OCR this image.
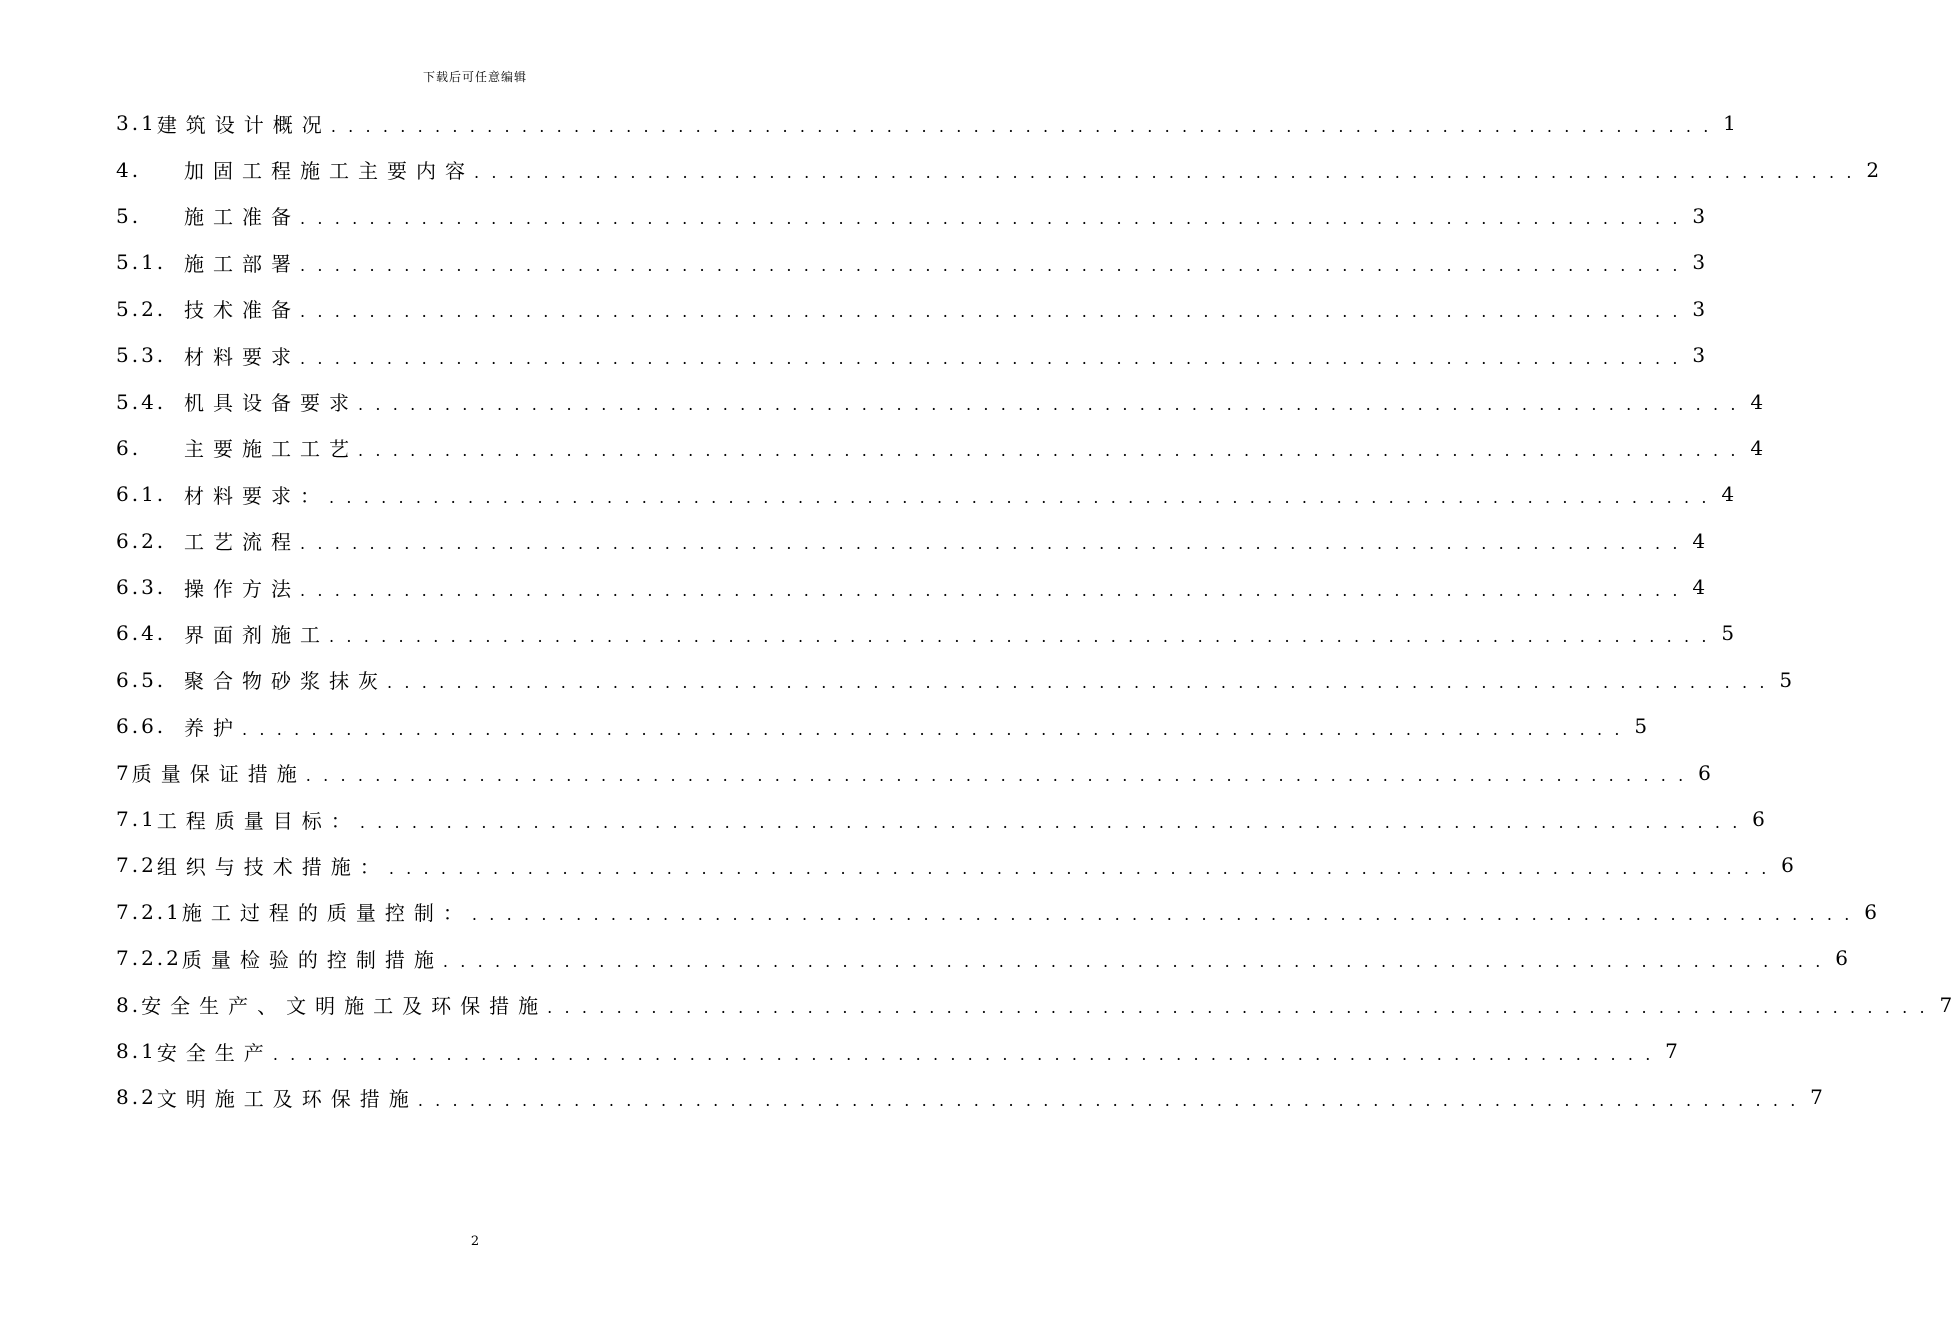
下载后可任意编辑
3.1 建筑设计概况 . . . . . . . . . . . . . . . . . . . . . . . . . . . . . . . . . . . . . . . . . . . . . . . . . . . . . . . . . . . . . . . . . . . . . . . . . . . . . . . . 1
4.	加固工程施工主要内容 . . . . . . . . . . . . . . . . . . . . . . . . . . . . . . . . . . . . . . . . . . . . . . . . . . . . . . . . . . . . . . . . . . . . . . . . . . . . . . . . 2
5.	施工准备 . . . . . . . . . . . . . . . . . . . . . . . . . . . . . . . . . . . . . . . . . . . . . . . . . . . . . . . . . . . . . . . . . . . . . . . . . . . . . . . . 3
5.1. 施工部署 . . . . . . . . . . . . . . . . . . . . . . . . . . . . . . . . . . . . . . . . . . . . . . . . . . . . . . . . . . . . . . . . . . . . . . . . . . . . . . . . 3
5.2. 技术准备 . . . . . . . . . . . . . . . . . . . . . . . . . . . . . . . . . . . . . . . . . . . . . . . . . . . . . . . . . . . . . . . . . . . . . . . . . . . . . . . . 3
5.3. 材料要求 . . . . . . . . . . . . . . . . . . . . . . . . . . . . . . . . . . . . . . . . . . . . . . . . . . . . . . . . . . . . . . . . . . . . . . . . . . . . . . . . 3
5.4. 机具设备要求 . . . . . . . . . . . . . . . . . . . . . . . . . . . . . . . . . . . . . . . . . . . . . . . . . . . . . . . . . . . . . . . . . . . . . . . . . . . . . . . . 4
6.	主要施工工艺 . . . . . . . . . . . . . . . . . . . . . . . . . . . . . . . . . . . . . . . . . . . . . . . . . . . . . . . . . . . . . . . . . . . . . . . . . . . . . . . . 4
6.1. 材料要求： . . . . . . . . . . . . . . . . . . . . . . . . . . . . . . . . . . . . . . . . . . . . . . . . . . . . . . . . . . . . . . . . . . . . . . . . . . . . . . . . 4
6.2. 工艺流程 . . . . . . . . . . . . . . . . . . . . . . . . . . . . . . . . . . . . . . . . . . . . . . . . . . . . . . . . . . . . . . . . . . . . . . . . . . . . . . . . 4
6.3. 操作方法 . . . . . . . . . . . . . . . . . . . . . . . . . . . . . . . . . . . . . . . . . . . . . . . . . . . . . . . . . . . . . . . . . . . . . . . . . . . . . . . . 4
6.4. 界面剂施工 . . . . . . . . . . . . . . . . . . . . . . . . . . . . . . . . . . . . . . . . . . . . . . . . . . . . . . . . . . . . . . . . . . . . . . . . . . . . . . . . 5
6.5. 聚合物砂浆抹灰 . . . . . . . . . . . . . . . . . . . . . . . . . . . . . . . . . . . . . . . . . . . . . . . . . . . . . . . . . . . . . . . . . . . . . . . . . . . . . . . . 5
6.6. 养护 . . . . . . . . . . . . . . . . . . . . . . . . . . . . . . . . . . . . . . . . . . . . . . . . . . . . . . . . . . . . . . . . . . . . . . . . . . . . . . . . 5
7 质量保证措施 . . . . . . . . . . . . . . . . . . . . . . . . . . . . . . . . . . . . . . . . . . . . . . . . . . . . . . . . . . . . . . . . . . . . . . . . . . . . . . . . 6
7.1 工程质量目标： . . . . . . . . . . . . . . . . . . . . . . . . . . . . . . . . . . . . . . . . . . . . . . . . . . . . . . . . . . . . . . . . . . . . . . . . . . . . . . . . 6
7.2 组织与技术措施： . . . . . . . . . . . . . . . . . . . . . . . . . . . . . . . . . . . . . . . . . . . . . . . . . . . . . . . . . . . . . . . . . . . . . . . . . . . . . . . . 6
7.2.1 施工过程的质量控制： . . . . . . . . . . . . . . . . . . . . . . . . . . . . . . . . . . . . . . . . . . . . . . . . . . . . . . . . . . . . . . . . . . . . . . . . . . . . . . . . 6
7.2.2 质量检验的控制措施 . . . . . . . . . . . . . . . . . . . . . . . . . . . . . . . . . . . . . . . . . . . . . . . . . . . . . . . . . . . . . . . . . . . . . . . . . . . . . . . . 6
8. 安全生产、文明施工及环保措施 . . . . . . . . . . . . . . . . . . . . . . . . . . . . . . . . . . . . . . . . . . . . . . . . . . . . . . . . . . . . . . . . . . . . . . . . . . . . . . . . 7
8.1 安全生产 . . . . . . . . . . . . . . . . . . . . . . . . . . . . . . . . . . . . . . . . . . . . . . . . . . . . . . . . . . . . . . . . . . . . . . . . . . . . . . . . 7
8.2 文明施工及环保措施 . . . . . . . . . . . . . . . . . . . . . . . . . . . . . . . . . . . . . . . . . . . . . . . . . . . . . . . . . . . . . . . . . . . . . . . . . . . . . . . . 7
2
